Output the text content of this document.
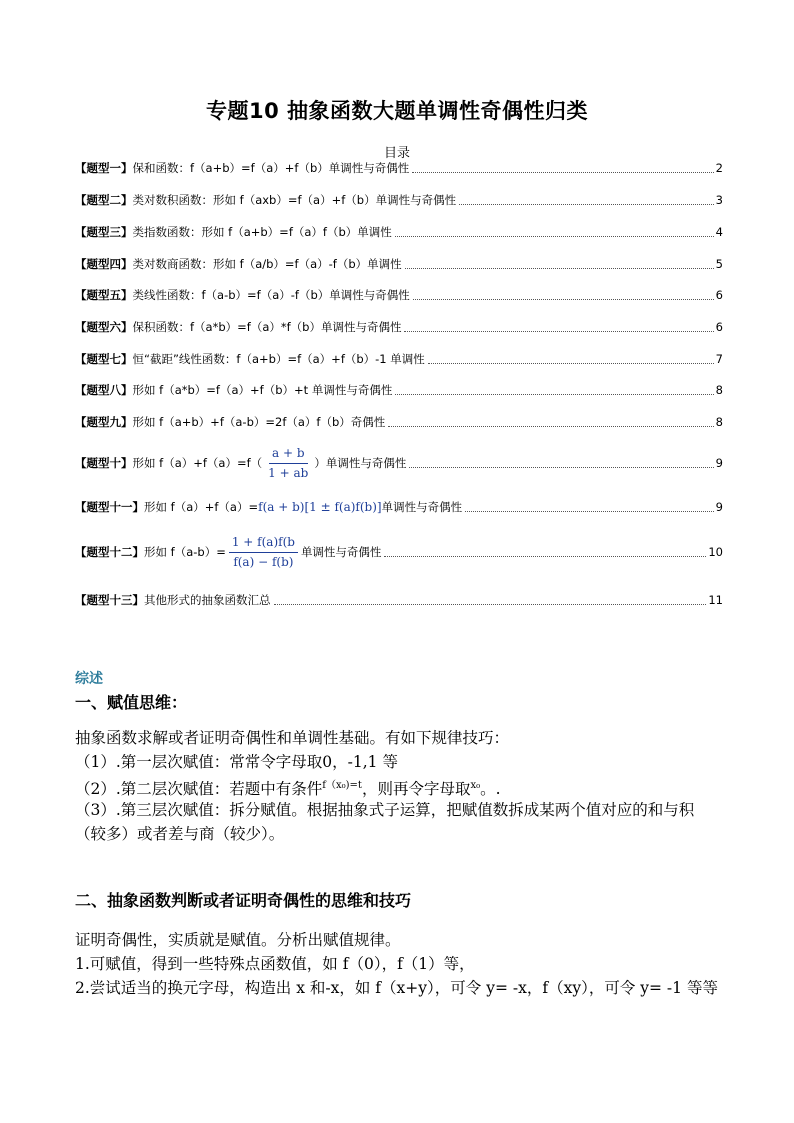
专题10 抽象函数大题单调性奇偶性归类
目录
【题型一】 保和函数：f（a+b）=f（a）+f（b）单调性与奇偶性	2
【题型二】 类对数积函数：形如 f（axb）=f（a）+f（b）单调性与奇偶性	3
【题型三】 类指数函数：形如 f（a+b）=f（a）f（b）单调性	4
【题型四】 类对数商函数：形如 f（a/b）=f（a）-f（b）单调性	5
【题型五】 类线性函数：f（a-b）=f（a）-f（b）单调性与奇偶性	6
【题型六】 保积函数：f（a*b）=f（a）*f（b）单调性与奇偶性	6
【题型七】 恒“截距”线性函数：f（a+b）=f（a）+f（b）-1 单调性	7
【题型八】 形如 f（a*b）=f（a）+f（b）+t 单调性与奇偶性	8
【题型九】 形如 f（a+b）+f（a-b）=2f（a）f（b）奇偶性	8
【题型十】 形如 $f(a)+f(a)=f( \frac{a + b}{1 + ab}$ ）单调性与奇偶性	9
【题型十一】 形如 f（a）+f（a）= f(a + b)[1 ± f(a)f(b)] 单调性与奇偶性	9
【题型十二】 形如 $f(a-b)= \frac{1 + f(a)f(b}{f(a) - f(b)}$ 单调性与奇偶性	10
【题型十三】 其他形式的抽象函数汇总	11
综述
一、赋值思维：
抽象函数求解或者证明奇偶性和单调性基础。有如下规律技巧：
（1）.第一层次赋值：常常令字母取0，-1,1 等
（2）.第二层次赋值：若题中有条件$^{f(x_0)=t}$，则再令字母取$^{x_0}$。.
（3）.第三层次赋值：拆分赋值。根据抽象式子运算，把赋值数拆成某两个值对应的和与积（较多）或者差与商（较少）。
二、抽象函数判断或者证明奇偶性的思维和技巧
证明奇偶性，实质就是赋值。分析出赋值规律。
1.可赋值，得到一些特殊点函数值，如 f（0），f（1）等，
2.尝试适当的换元字母，构造出 x 和-x，如 f（x+y），可令 y= -x，f（xy），可令 y= -1 等等
